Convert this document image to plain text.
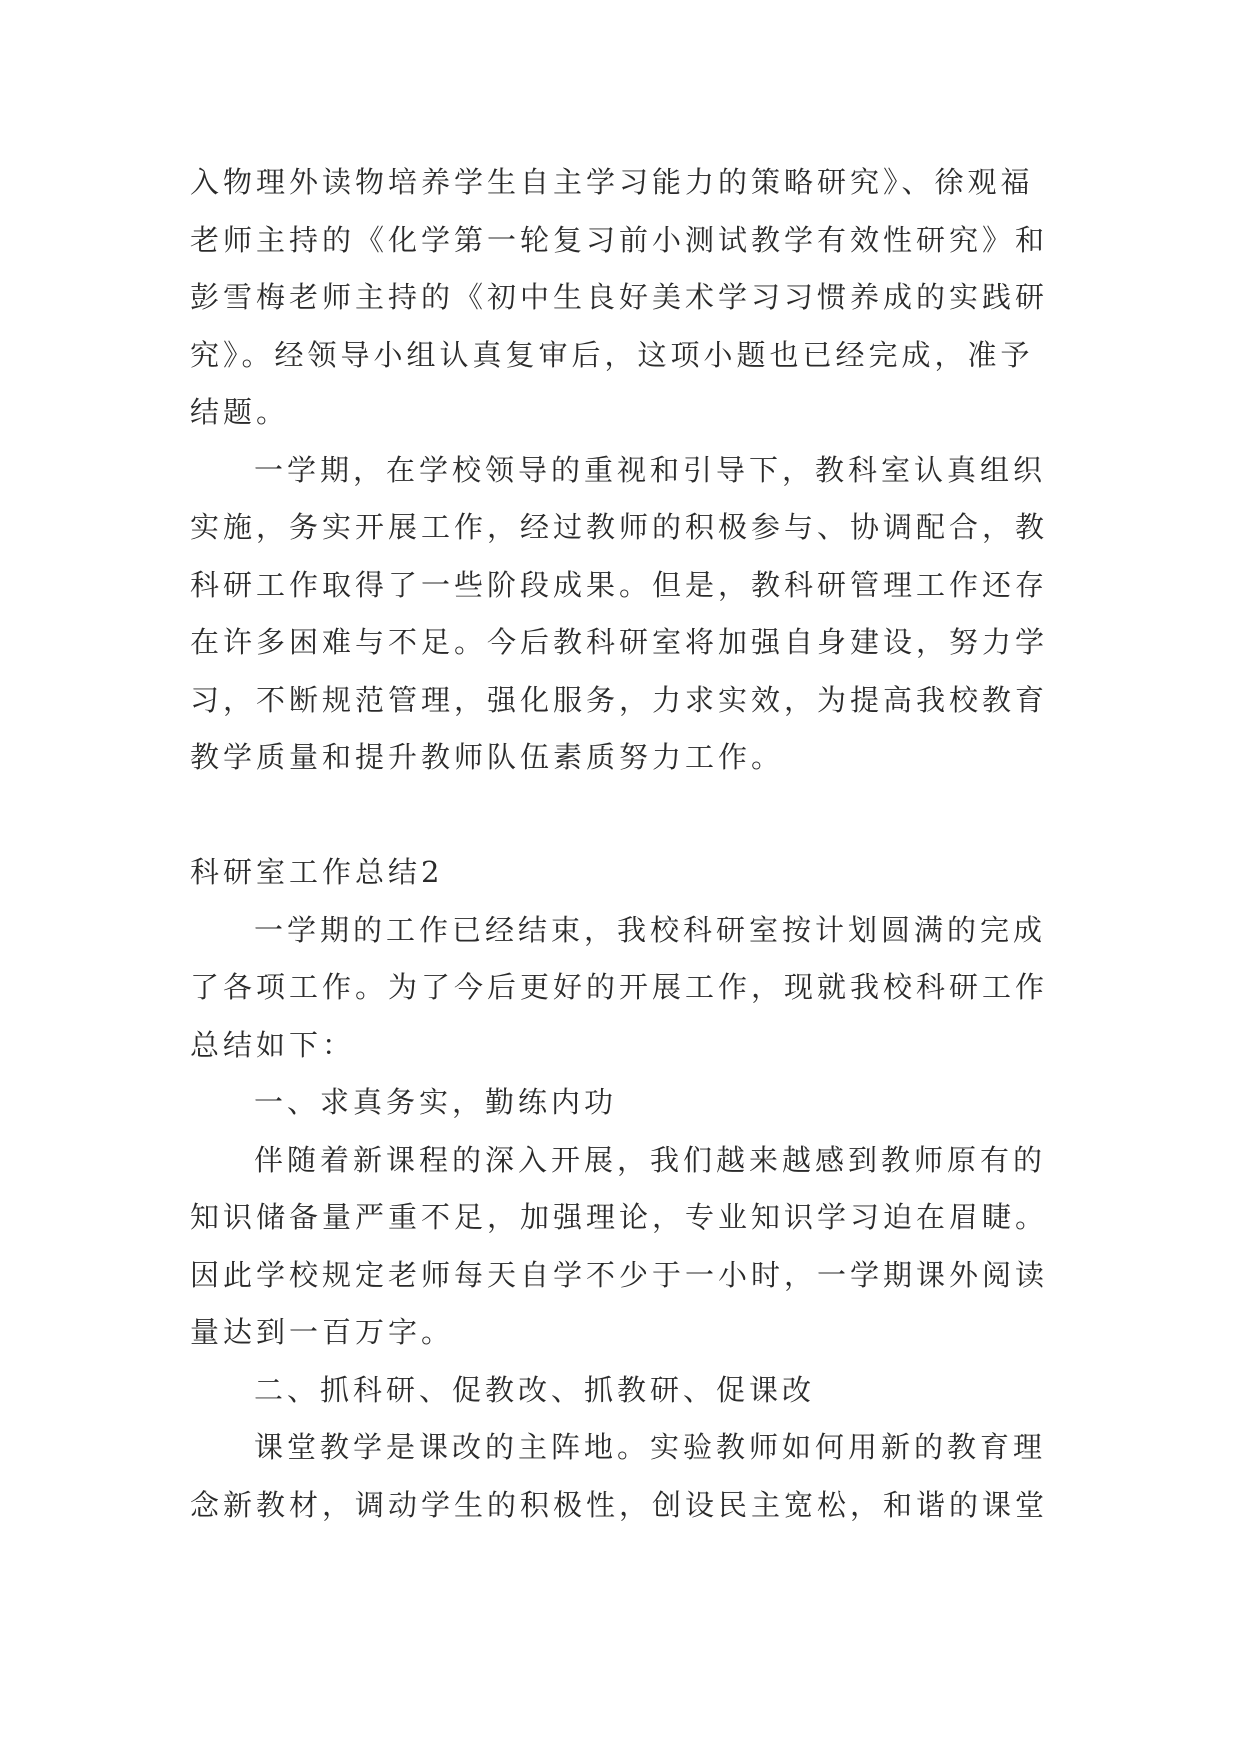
入物理外读物培养学生自主学习能力的策略研究》、徐观福
老师主持的《化学第一轮复习前小测试教学有效性研究》和
彭雪梅老师主持的《初中生良好美术学习习惯养成的实践研
究》。经领导小组认真复审后，这项小题也已经完成，准予
结题。
一学期，在学校领导的重视和引导下，教科室认真组织
实施，务实开展工作，经过教师的积极参与、协调配合，教
科研工作取得了一些阶段成果。但是，教科研管理工作还存
在许多困难与不足。今后教科研室将加强自身建设，努力学
习，不断规范管理，强化服务，力求实效，为提高我校教育
教学质量和提升教师队伍素质努力工作。
科研室工作总结2
一学期的工作已经结束，我校科研室按计划圆满的完成
了各项工作。为了今后更好的开展工作，现就我校科研工作
总结如下：
一、求真务实，勤练内功
伴随着新课程的深入开展，我们越来越感到教师原有的
知识储备量严重不足，加强理论，专业知识学习迫在眉睫。
因此学校规定老师每天自学不少于一小时，一学期课外阅读
量达到一百万字。
二、抓科研、促教改、抓教研、促课改
课堂教学是课改的主阵地。实验教师如何用新的教育理
念新教材，调动学生的积极性，创设民主宽松，和谐的课堂
